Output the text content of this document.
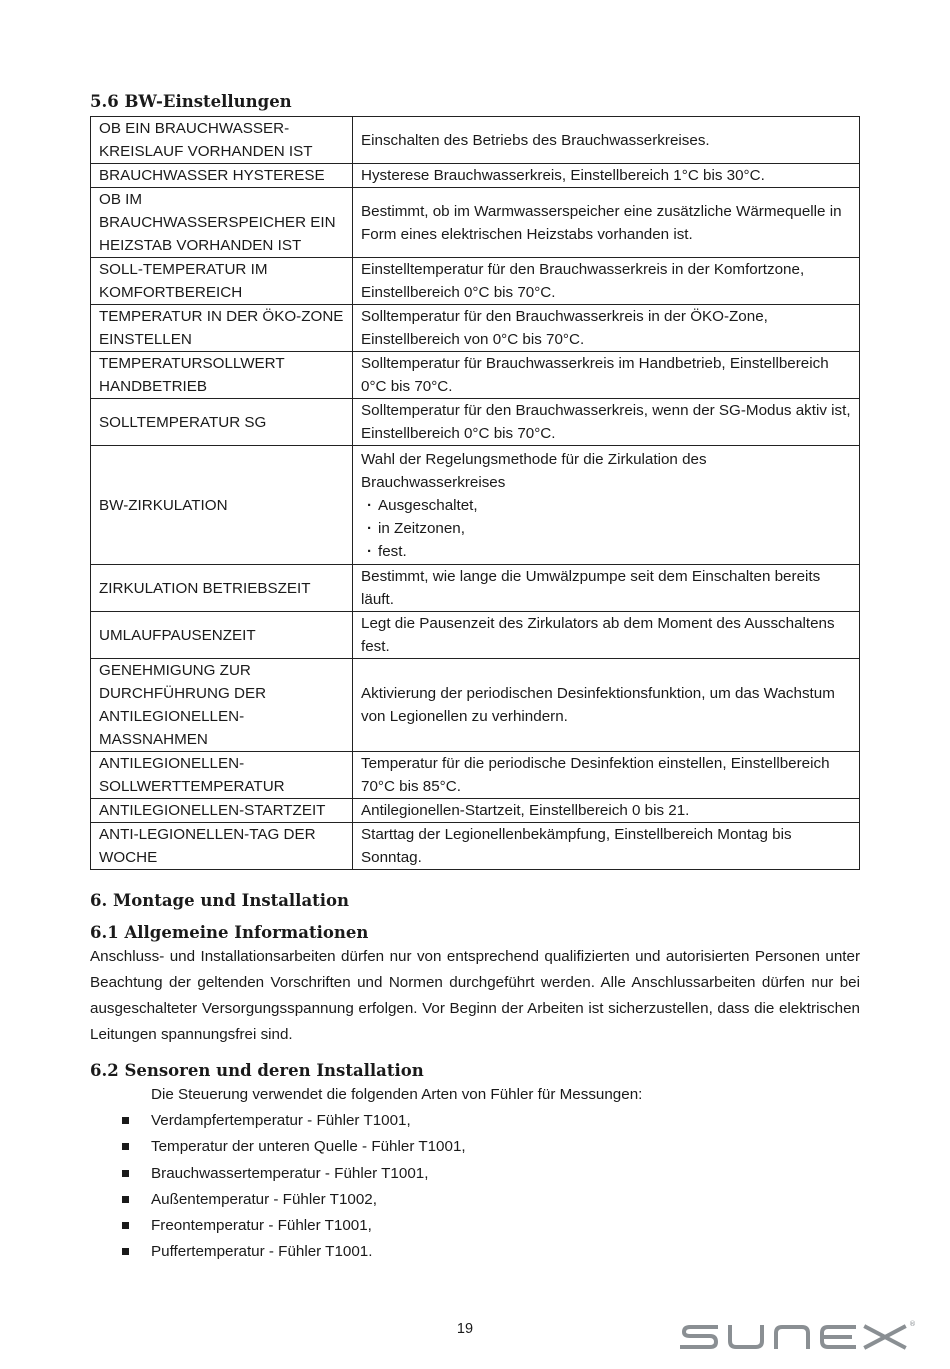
5.6 BW-Einstellungen
OB EIN BRAUCHWASSER-KREISLAUF VORHANDEN IST	Einschalten des Betriebs des Brauchwasserkreises.
BRAUCHWASSER HYSTERESE	Hysterese Brauchwasserkreis, Einstellbereich 1°C bis 30°C.
OB IM BRAUCHWASSERSPEICHER EIN HEIZSTAB VORHANDEN IST	Bestimmt, ob im Warmwasserspeicher eine zusätzliche Wärmequelle in Form eines elektrischen Heizstabs vorhanden ist.
SOLL-TEMPERATUR IM KOMFORTBEREICH	Einstelltemperatur für den Brauchwasserkreis in der Komfortzone, Einstellbereich 0°C bis 70°C.
TEMPERATUR IN DER ÖKO-ZONE EINSTELLEN	Solltemperatur für den Brauchwasserkreis in der ÖKO-Zone, Einstellbereich von 0°C bis 70°C.
TEMPERATURSOLLWERT HANDBETRIEB	Solltemperatur für Brauchwasserkreis im Handbetrieb, Einstellbereich 0°C bis 70°C.
SOLLTEMPERATUR SG	Solltemperatur für den Brauchwasserkreis, wenn der SG-Modus aktiv ist, Einstellbereich 0°C bis 70°C.
BW-ZIRKULATION	Wahl der Regelungsmethode für die Zirkulation des Brauchwasserkreises
· Ausgeschaltet,
· in Zeitzonen,
· fest.

ZIRKULATION BETRIEBSZEIT	Bestimmt, wie lange die Umwälzpumpe seit dem Einschalten bereits läuft.
UMLAUFPAUSENZEIT	Legt die Pausenzeit des Zirkulators ab dem Moment des Ausschaltens fest.
GENEHMIGUNG ZUR DURCHFÜHRUNG DER ANTILEGIONELLEN-MASSNAHMEN	Aktivierung der periodischen Desinfektionsfunktion, um das Wachstum von Legionellen zu verhindern.
ANTILEGIONELLEN-SOLLWERTTEMPERATUR	Temperatur für die periodische Desinfektion einstellen, Einstellbereich 70°C bis 85°C.
ANTILEGIONELLEN-STARTZEIT	Antilegionellen-Startzeit, Einstellbereich 0 bis 21.
ANTI-LEGIONELLEN-TAG DER WOCHE	Starttag der Legionellenbekämpfung, Einstellbereich Montag bis Sonntag.
6. Montage und Installation
6.1 Allgemeine Informationen

Anschluss- und Installationsarbeiten dürfen nur von entsprechend qualifizierten und autorisierten Personen unter Beachtung der geltenden Vorschriften und Normen durchgeführt werden. Alle Anschlussarbeiten dürfen nur bei ausgeschalteter Versorgungsspannung erfolgen. Vor Beginn der Arbeiten ist sicherzustellen, dass die elektrischen Leitungen spannungsfrei sind.

6.2 Sensoren und deren Installation

Die Steuerung verwendet die folgenden Arten von Fühler für Messungen:

Verdampfertemperatur - Fühler T1001,
Temperatur der unteren Quelle - Fühler T1001,
Brauchwassertemperatur - Fühler T1001,
Außentemperatur - Fühler T1002,
Freontemperatur - Fühler T1001,
Puffertemperatur - Fühler T1001.
19	®
